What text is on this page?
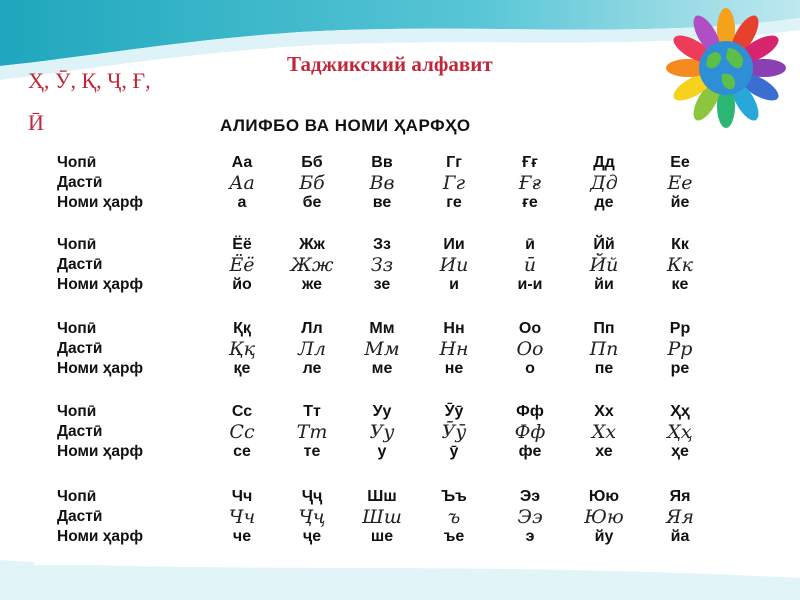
Таджикский алфавит
Ҳ, Ӯ, Қ, Ҷ, Ғ,
Ӣ	АЛИФБО ВА НОМИ ҲАРФҲО
Чопӣ
Дастӣ
Номи ҳарф
Чопӣ
Дастӣ
Номи ҳарф
Чопӣ
Дастӣ
Номи ҳарф
Чопӣ
Дастӣ
Номи ҳарф
Чопӣ
Дастӣ
Номи ҳарф
Аа
Аа
а
Бб
Бб
бе
Вв
Вв
ве
Гг
Гг
ге
Ғғ
Ғғ
ғе
Дд
Дд
де
Ее
Ее
йе
Ёё
Ёё
йо
Жж
Жж
же
Зз
Зз
зе
Ии
Ии
и
ӣ
ӣ
и-и
Йй
Йй
йи
Кк
Кк
ке
Ққ
Ққ
қе
Лл
Лл
ле
Мм
Мм
ме
Нн
Нн
не
Оо
Оо
о
Пп
Пп
пе
Рр
Рр
ре
Сс
Сс
се
Тт
Тт
те
Уу
Уу
у
Ӯӯ
Ӯӯ
ӯ
Фф
Фф
фе
Хх
Хх
хе
Ҳҳ
Ҳҳ
ҳе
Чч
Чч
че
Ҷҷ
Ҷҷ
ҷе
Шш
Шш
ше
Ъъ
ъ
ъе
Ээ
Ээ
э
Юю
Юю
йу
Яя
Яя
йа
